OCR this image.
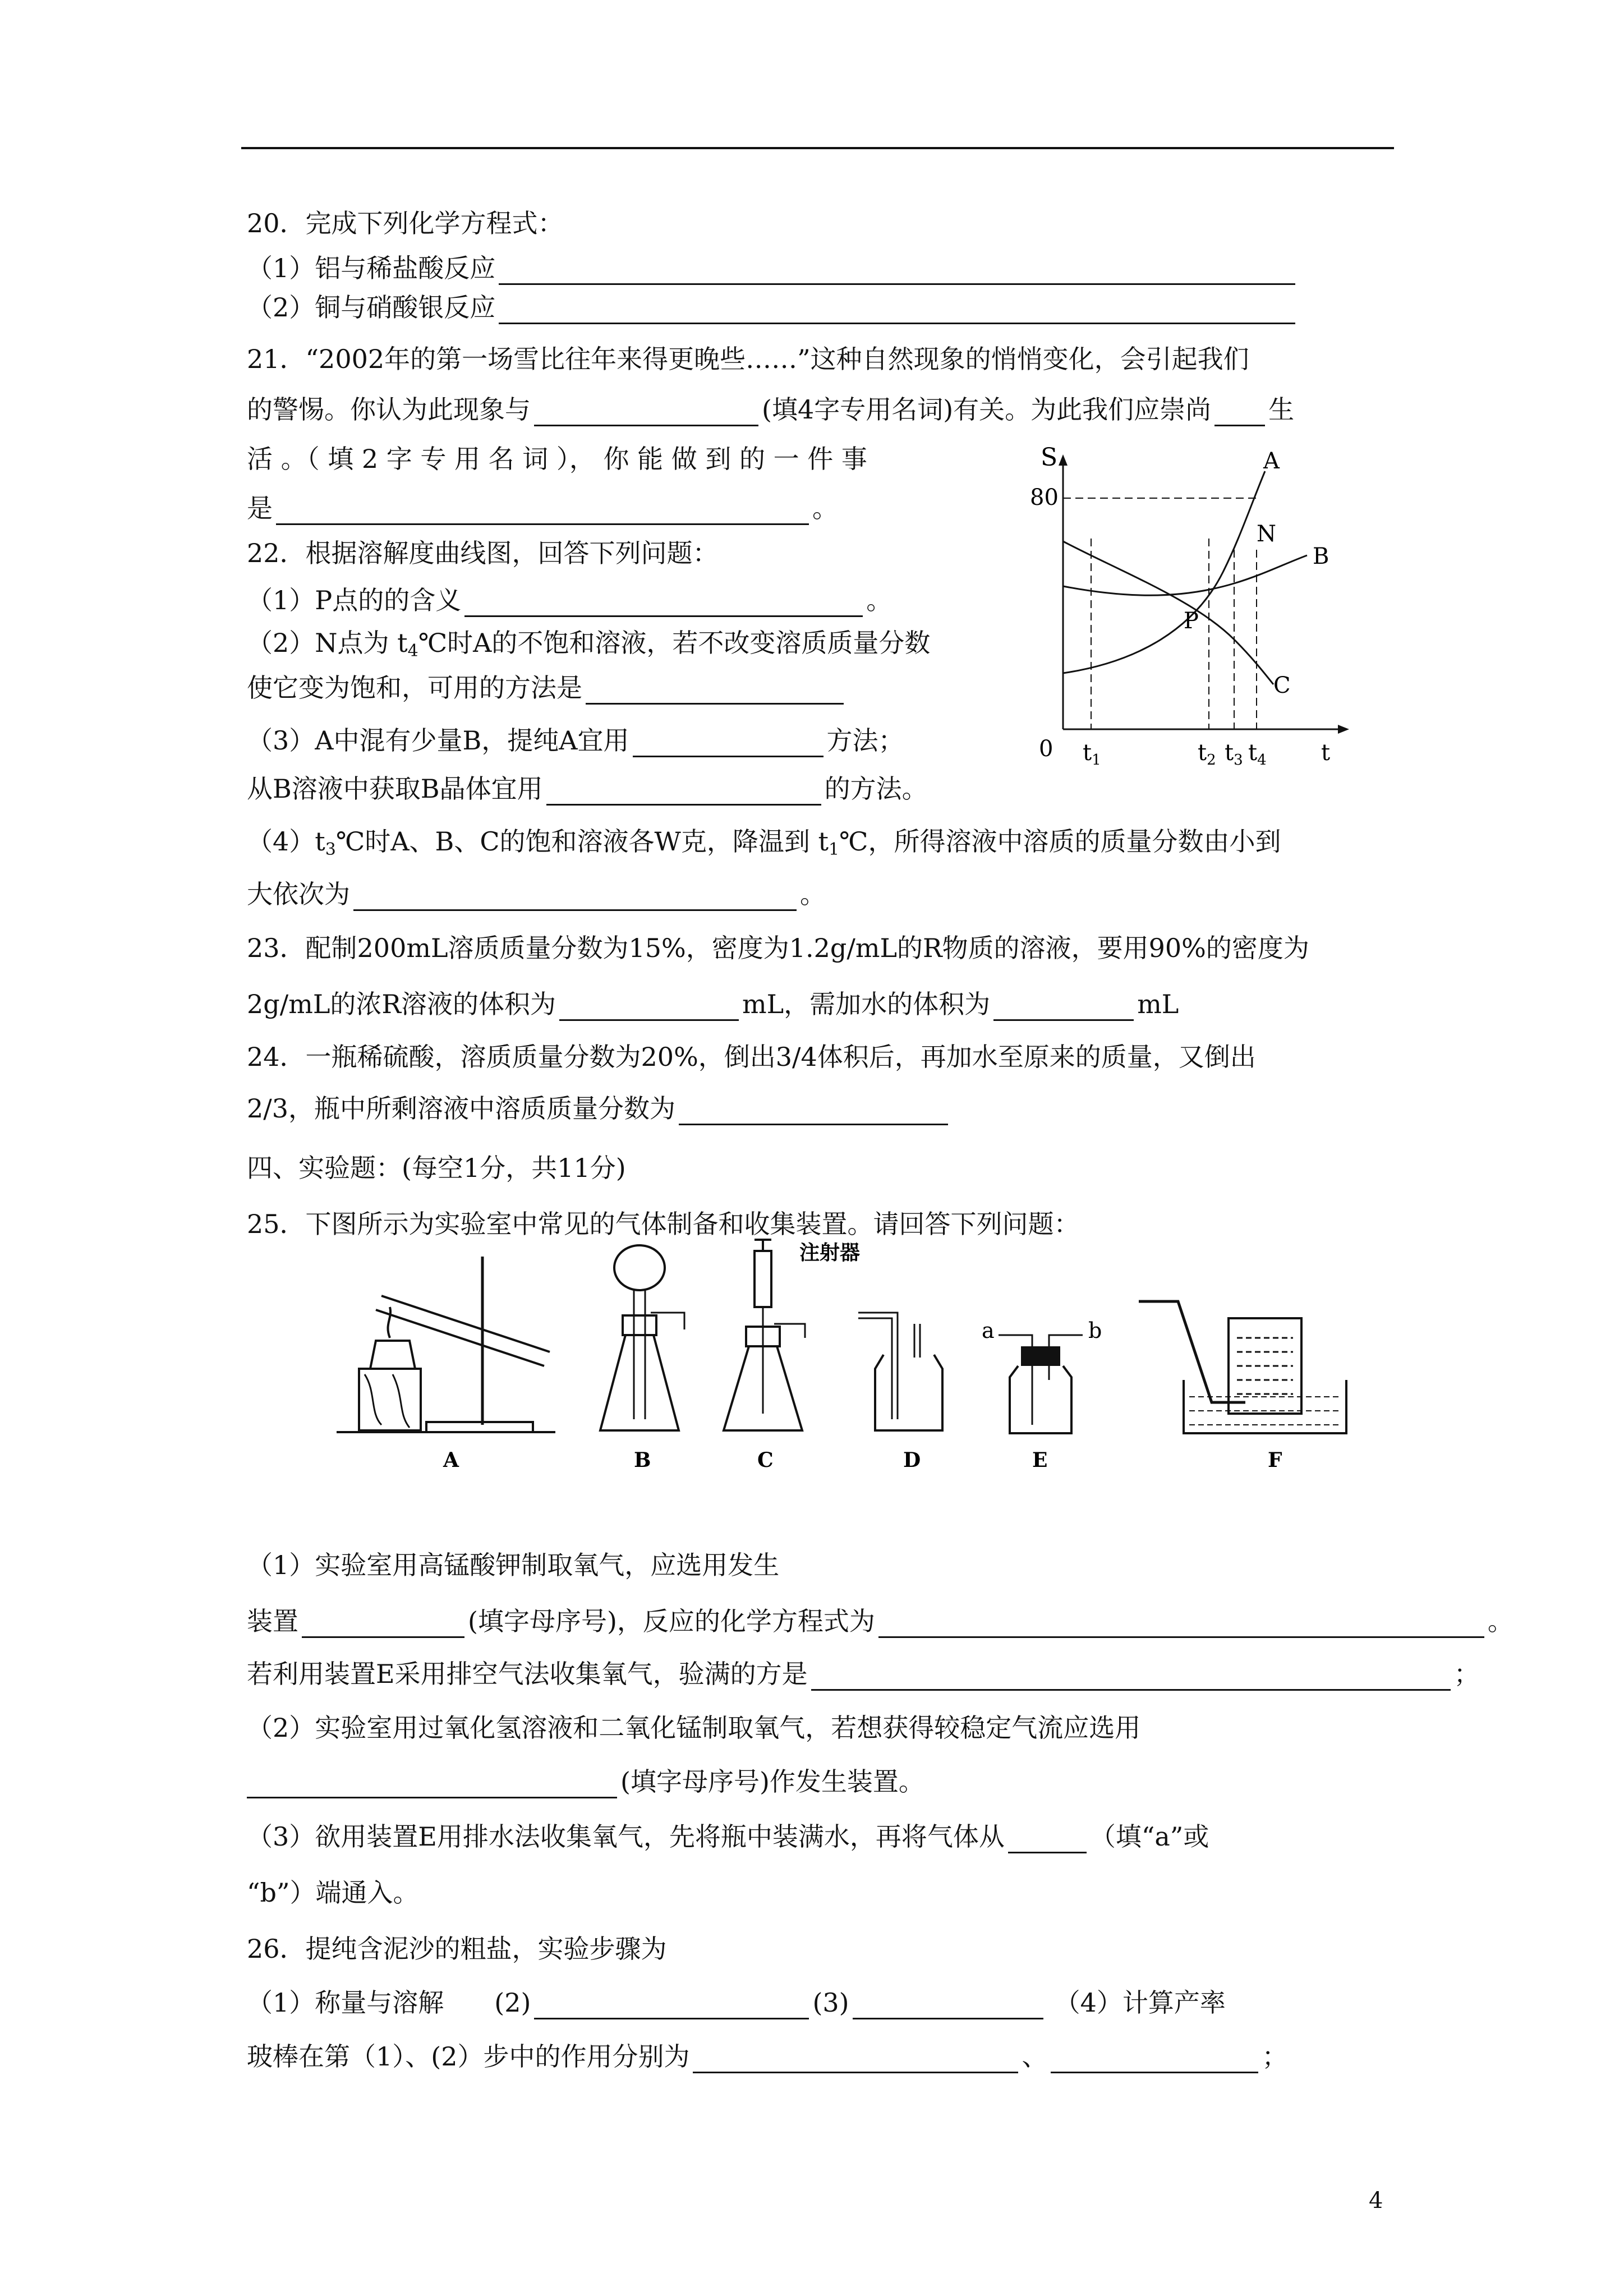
20．完成下列化学方程式：
（1）铝与稀盐酸反应
（2）铜与硝酸银反应
21．“2002年的第一场雪比往年来得更晚些……”这种自然现象的悄悄变化，会引起我们
的警惕。你认为此现象与	(填4字专用名词)有关。为此我们应崇尚 生
活 。（ 填 2 字 专 用 名 词 ）， 你 能 做 到 的 一 件 事
是	。
22．根据溶解度曲线图，回答下列问题：
（1）P点的的含义	。
（2）N点为 $t_4℃$时A的不饱和溶液，若不改变溶质质量分数
使它变为饱和，可用的方法是
（3）A中混有少量B，提纯A宜用	方法；
从B溶液中获取B晶体宜用	的方法。
$(4)t_3℃$时A、B、C的饱和溶液各W克，降温到 $t_1℃$，所得溶液中溶质的质量分数由小到
大依次为	。
S
80
0	t
A
N
B
P
C
$t_1$	$t_2$ $t_3$ $t_4$
23．配制200mL溶质质量分数为15%，密度为1.2g/mL的R物质的溶液，要用90%的密度为
2g/mL的浓R溶液的体积为	mL，需加水的体积为	mL
24．一瓶稀硫酸，溶质质量分数为20%，倒出3/4体积后，再加水至原来的质量，又倒出
2/3，瓶中所剩溶液中溶质质量分数为
四、实验题：(每空1分，共11分)
25．下图所示为实验室中常见的气体制备和收集装置。请回答下列问题：
注射器
a	b
A	B	C	D	E	F
（1）实验室用高锰酸钾制取氧气，应选用发生
装置	(填字母序号)，反应的化学方程式为	。
若利用装置E采用排空气法收集氧气，验满的方是	；
（2）实验室用过氧化氢溶液和二氧化锰制取氧气，若想获得较稳定气流应选用
(填字母序号)作发生装置。
（3）欲用装置E用排水法收集氧气，先将瓶中装满水，再将气体从	（填“a”或
“b”）端通入。
26．提纯含泥沙的粗盐，实验步骤为
（1）称量与溶解 (2)	(3)	（4）计算产率
玻棒在第（1）、(2）步中的作用分别为	、	；
4
